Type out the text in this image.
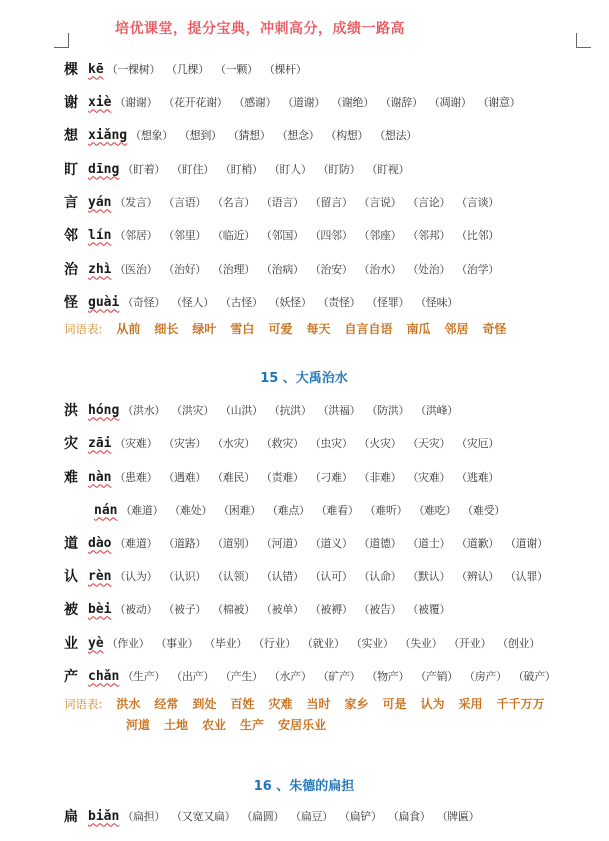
培优课堂，提分宝典，冲刺高分，成绩一路高
棵 kē （一棵树） （几棵） （一颗） （棵杆）
谢 xiè （谢谢） （花开花谢） （感谢） （道谢） （谢绝） （谢辞） （凋谢） （谢意）
想 xiǎng （想象） （想到） （猜想） （想念） （构想） （想法）
盯 dīng （盯着） （盯住） （盯梢） （盯人） （盯防） （盯视）
言 yán （发言） （言语） （名言） （语言） （留言） （言说） （言论） （言谈）
邻 lín （邻居） （邻里） （临近） （邻国） （四邻） （邻座） （邻邦） （比邻）
治 zhì （医治） （治好） （治理） （治病） （治安） （治水） （处治） （治学）
怪 guài （奇怪） （怪人） （古怪） （妖怪） （责怪） （怪罪） （怪味）
词语表: 从前 细长 绿叶 雪白 可爱 每天 自言自语 南瓜 邻居 奇怪
15 、大禹治水
洪 hóng （洪水） （洪灾） （山洪） （抗洪） （洪福） （防洪） （洪峰）
灾 zāi （灾难） （灾害） （水灾） （救灾） （虫灾） （火灾） （天灾） （灾厄）
难 nàn （患难） （遇难） （难民） （责难） （刁难） （非难） （灾难） （逃难）
nán （难道） （难处） （困难） （难点） （难看） （难听） （难吃） （难受）
道 dào （难道） （道路） （道别） （河道） （道义） （道德） （道士） （道歉） （道谢）
认 rèn （认为） （认识） （认领） （认错） （认可） （认命） （默认） （辨认） （认罪）
被 bèi （被动） （被子） （棉被） （被单） （被褥） （被告） （被覆）
业 yè （作业） （事业） （毕业） （行业） （就业） （实业） （失业） （开业） （创业）
产 chǎn （生产） （出产） （产生） （水产） （矿产） （物产） （产销） （房产） （破产）
词语表: 洪水 经常 到处 百姓 灾难 当时 家乡 可是 认为 采用 千千万万
河道 土地 农业 生产 安居乐业
16 、朱德的扁担
扁 biǎn （扁担） （又宽又扁） （扁圆） （扁豆） （扁铲） （扁食） （牌匾）
